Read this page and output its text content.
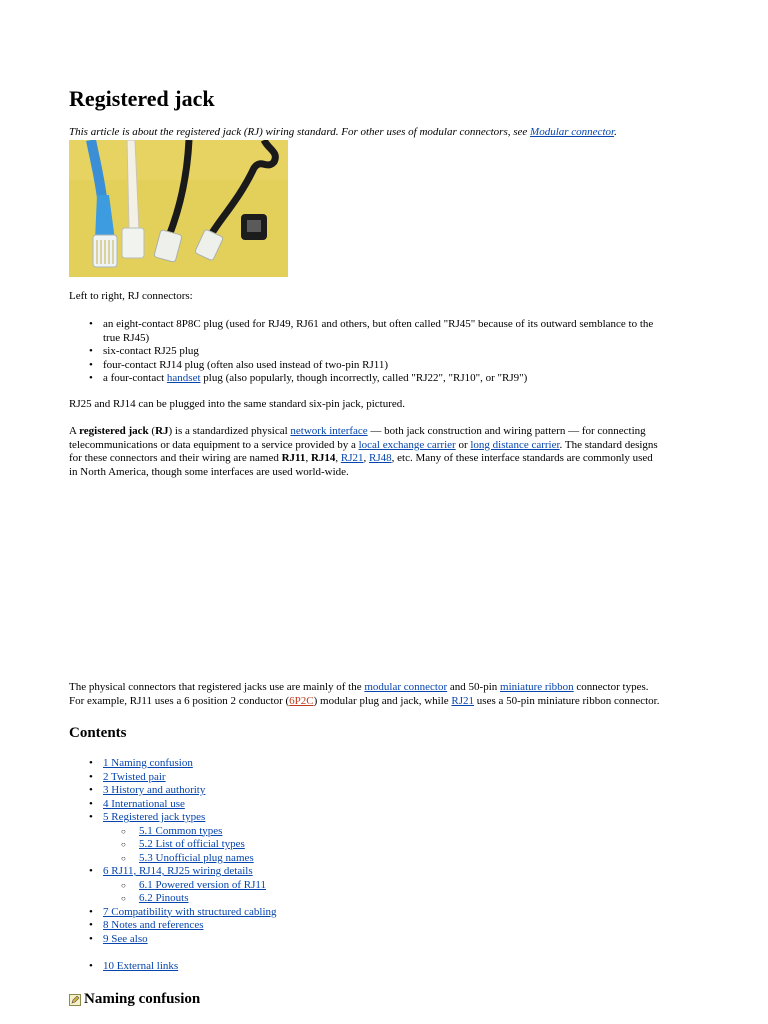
Registered jack
This article is about the registered jack (RJ) wiring standard. For other uses of modular connectors, see Modular connector.
Left to right, RJ connectors:
• an eight-contact 8P8C plug (used for RJ49, RJ61 and others, but often called "RJ45" because of its outward semblance to the
true RJ45)
• six-contact RJ25 plug
• four-contact RJ14 plug (often also used instead of two-pin RJ11)
• a four-contact handset plug (also popularly, though incorrectly, called "RJ22", "RJ10", or "RJ9")
RJ25 and RJ14 can be plugged into the same standard six-pin jack, pictured.
A registered jack (RJ) is a standardized physical network interface — both jack construction and wiring pattern — for connecting
telecommunications or data equipment to a service provided by a local exchange carrier or long distance carrier. The standard designs
for these connectors and their wiring are named RJ11, RJ14, RJ21, RJ48, etc. Many of these interface standards are commonly used
in North America, though some interfaces are used world-wide.
The physical connectors that registered jacks use are mainly of the modular connector and 50-pin miniature ribbon connector types.
For example, RJ11 uses a 6 position 2 conductor (6P2C) modular plug and jack, while RJ21 uses a 50-pin miniature ribbon connector.
Contents
• 1 Naming confusion
• 2 Twisted pair
• 3 History and authority
• 4 International use
• 5 Registered jack types
○ 5.1 Common types
○ 5.2 List of official types
○ 5.3 Unofficial plug names
• 6 RJ11, RJ14, RJ25 wiring details
○ 6.1 Powered version of RJ11
○ 6.2 Pinouts
• 7 Compatibility with structured cabling
• 8 Notes and references
• 9 See also
• 10 External links
Naming confusion
